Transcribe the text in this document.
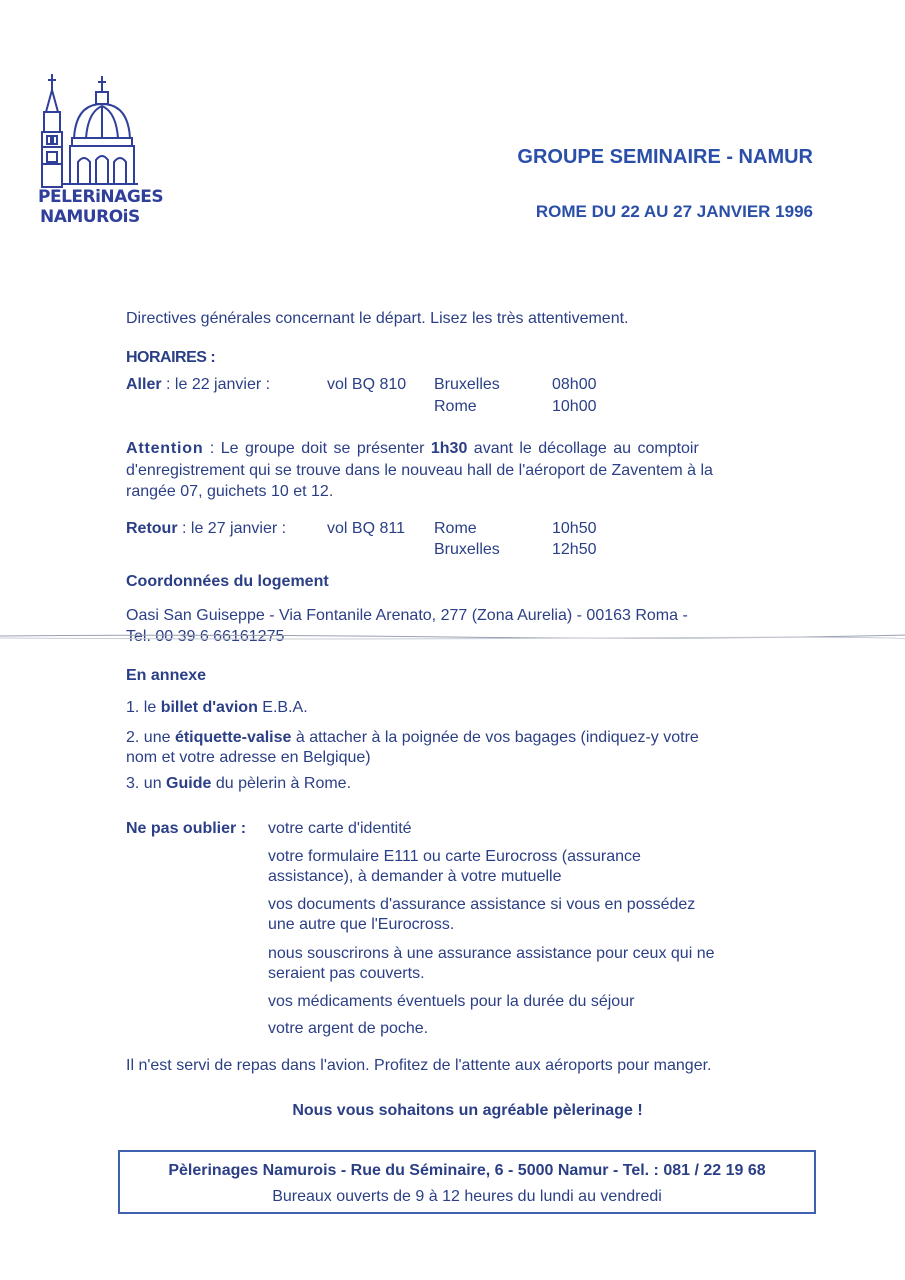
PELERiNAGES
NAMUROiS
GROUPE SEMINAIRE - NAMUR
ROME DU 22 AU 27 JANVIER 1996
Directives générales concernant le départ. Lisez les très attentivement.
HORAIRES :
Aller : le 22 janvier :	vol BQ 810 Bruxelles	08h00
Rome	10h00
Attention : Le groupe doit se présenter 1h30 avant le décollage au comptoir
d'enregistrement qui se trouve dans le nouveau hall de l'aéroport de Zaventem à la
rangée 07, guichets 10 et 12.
Retour : le 27 janvier :	vol BQ 811 Rome	10h50
Bruxelles	12h50
Coordonnées du logement
Oasi San Guiseppe - Via Fontanile Arenato, 277 (Zona Aurelia) - 00163 Roma -
Tel. 00 39 6 66161275
En annexe
1. le billet d'avion E.B.A.
2. une étiquette-valise à attacher à la poignée de vos bagages (indiquez-y votre
nom et votre adresse en Belgique)
3. un Guide du pèlerin à Rome.
Ne pas oublier : votre carte d'identité
votre formulaire E111 ou carte Eurocross (assurance
assistance), à demander à votre mutuelle
vos documents d'assurance assistance si vous en possédez
une autre que l'Eurocross.
nous souscrirons à une assurance assistance pour ceux qui ne
seraient pas couverts.
vos médicaments éventuels pour la durée du séjour
votre argent de poche.
Il n'est servi de repas dans l'avion. Profitez de l'attente aux aéroports pour manger.
Nous vous sohaitons un agréable pèlerinage !
Pèlerinages Namurois - Rue du Séminaire, 6 - 5000 Namur - Tel. : 081 / 22 19 68
Bureaux ouverts de 9 à 12 heures du lundi au vendredi
